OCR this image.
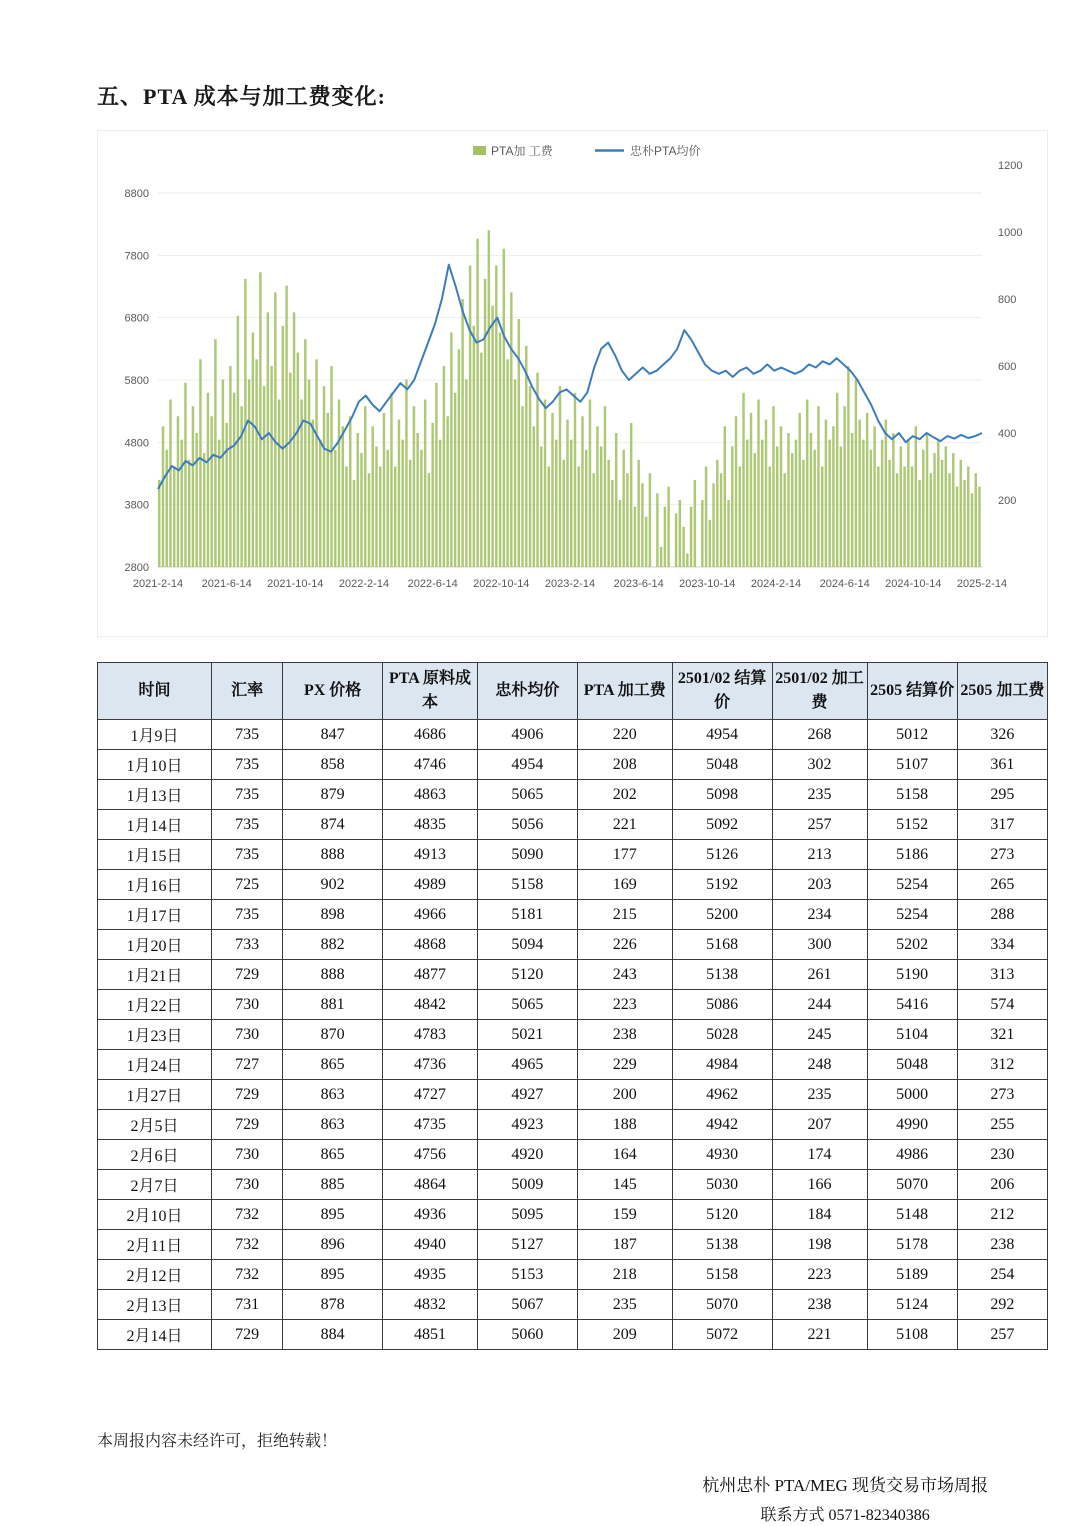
五、PTA 成本与加工费变化:
2800
3800
4800
5800
6800
7800
8800
200
400
600
800
1000
1200
2021-2-14 2021-6-14 2021-10-14 2022-2-14 2022-6-14 2022-10-14 2023-2-14 2023-6-14 2023-10-14 2024-2-14 2024-6-14 2024-10-14 2025-2-14
PTA加 工费	忠朴PTA均价
时间	汇率	PX 价格	PTA 原料成本	忠朴均价	PTA 加工费	2501/02 结算价	2501/02 加工费	2505 结算价	2505 加工费
1月9日	735	847	4686	4906	220	4954	268	5012	326
1月10日	735	858	4746	4954	208	5048	302	5107	361
1月13日	735	879	4863	5065	202	5098	235	5158	295
1月14日	735	874	4835	5056	221	5092	257	5152	317
1月15日	735	888	4913	5090	177	5126	213	5186	273
1月16日	725	902	4989	5158	169	5192	203	5254	265
1月17日	735	898	4966	5181	215	5200	234	5254	288
1月20日	733	882	4868	5094	226	5168	300	5202	334
1月21日	729	888	4877	5120	243	5138	261	5190	313
1月22日	730	881	4842	5065	223	5086	244	5416	574
1月23日	730	870	4783	5021	238	5028	245	5104	321
1月24日	727	865	4736	4965	229	4984	248	5048	312
1月27日	729	863	4727	4927	200	4962	235	5000	273
2月5日	729	863	4735	4923	188	4942	207	4990	255
2月6日	730	865	4756	4920	164	4930	174	4986	230
2月7日	730	885	4864	5009	145	5030	166	5070	206
2月10日	732	895	4936	5095	159	5120	184	5148	212
2月11日	732	896	4940	5127	187	5138	198	5178	238
2月12日	732	895	4935	5153	218	5158	223	5189	254
2月13日	731	878	4832	5067	235	5070	238	5124	292
2月14日	729	884	4851	5060	209	5072	221	5108	257
本周报内容未经许可，拒绝转载！
杭州忠朴 PTA/MEG 现货交易市场周报
联系方式 0571-82340386
